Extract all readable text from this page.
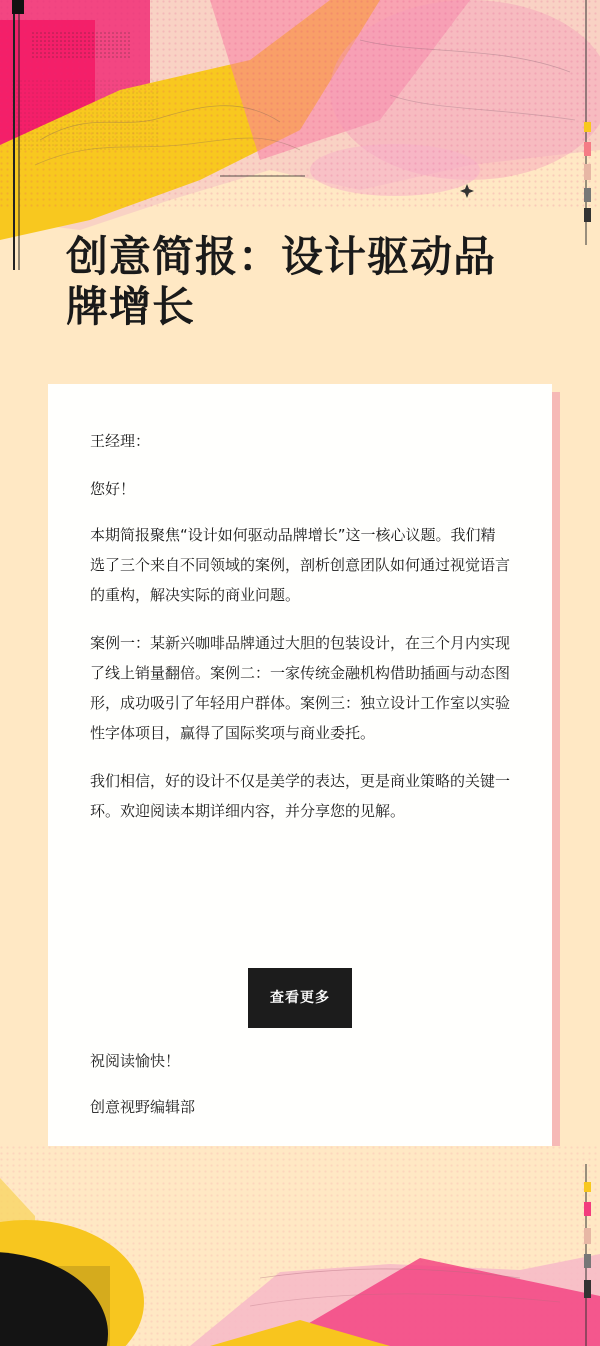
创意简报：设计驱动品牌增长

王经理：

您好！

本期简报聚焦“设计如何驱动品牌增长”这一核心议题。我们精选了三个来自不同领域的案例，剖析创意团队如何通过视觉语言的重构，解决实际的商业问题。

案例一：某新兴咖啡品牌通过大胆的包装设计，在三个月内实现了线上销量翻倍。案例二：一家传统金融机构借助插画与动态图形，成功吸引了年轻用户群体。案例三：独立设计工作室以实验性字体项目，赢得了国际奖项与商业委托。

我们相信，好的设计不仅是美学的表达，更是商业策略的关键一环。欢迎阅读本期详细内容，并分享您的见解。

查看更多

祝阅读愉快！

创意视野编辑部
